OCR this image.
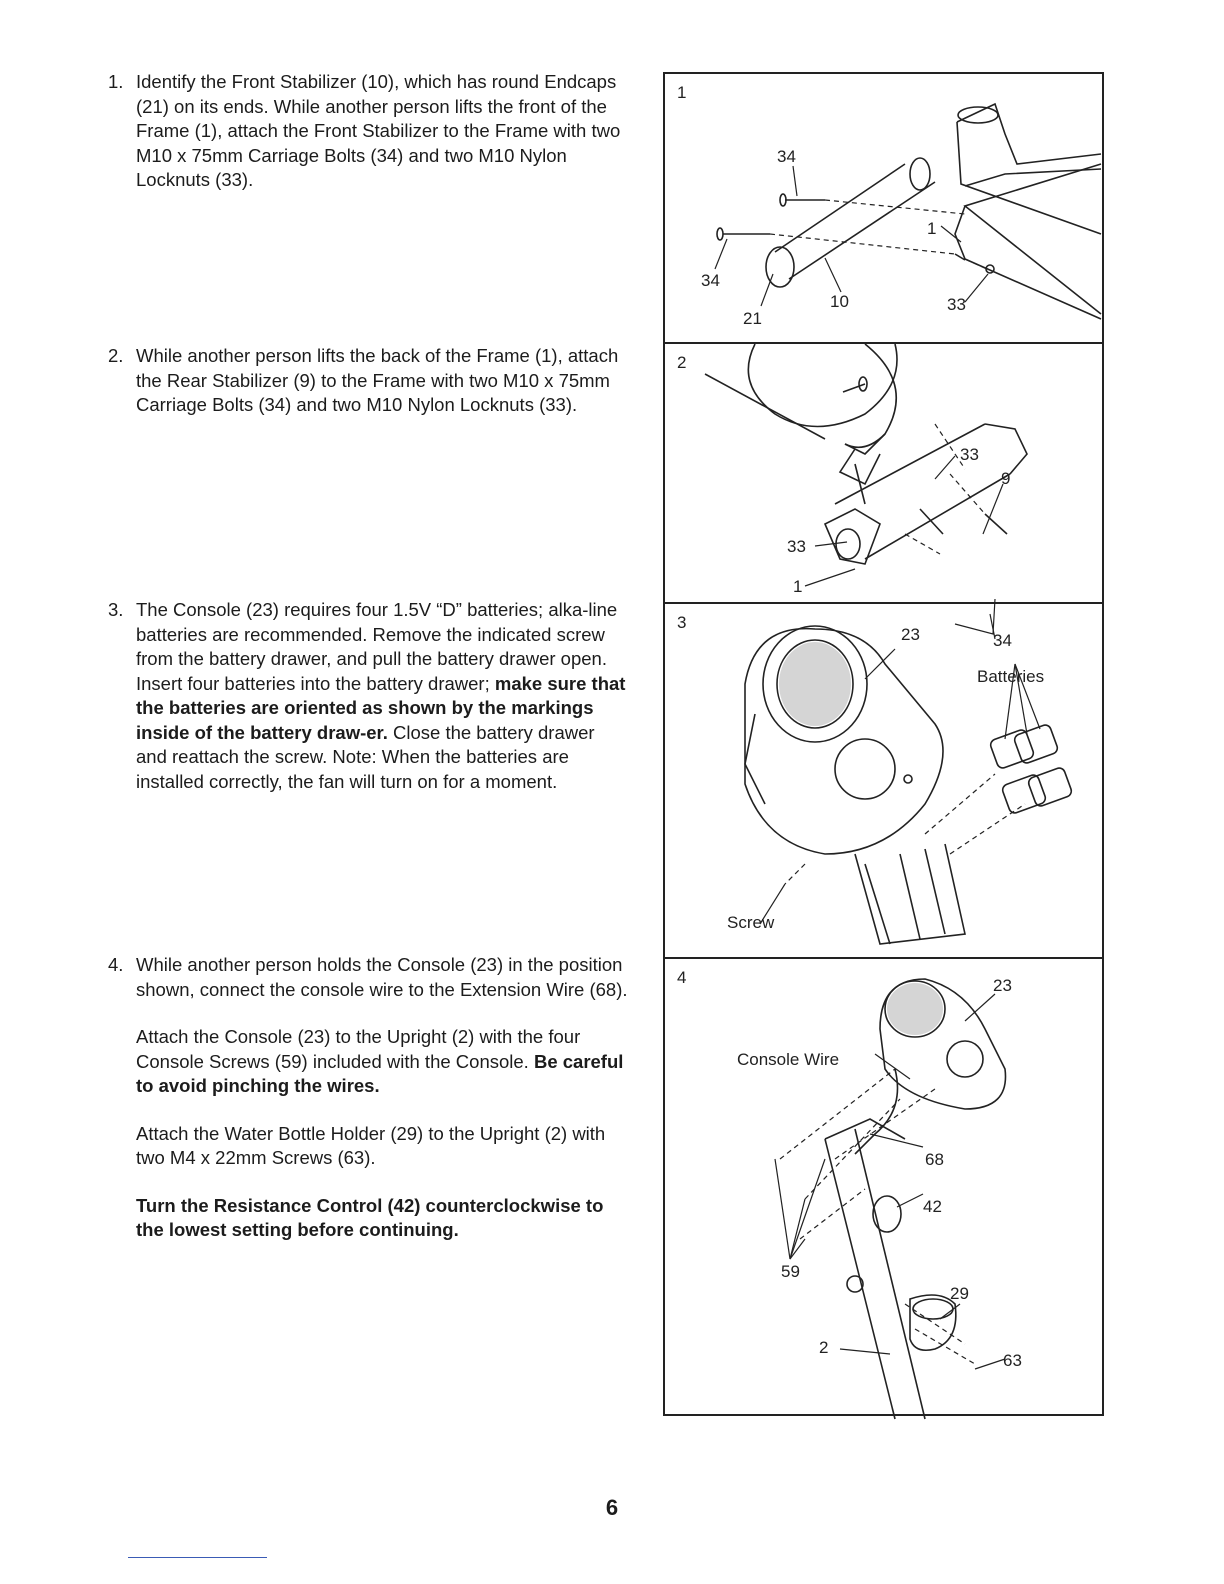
1. Identify the Front Stabilizer (10), which has round Endcaps (21) on its ends. While another person lifts the front of the Frame (1), attach the Front Stabilizer to the Frame with two M10 x 75mm Carriage Bolts (34) and two M10 Nylon Locknuts (33).

2. While another person lifts the back of the Frame (1), attach the Rear Stabilizer (9) to the Frame with two M10 x 75mm Carriage Bolts (34) and two M10 Nylon Locknuts (33).

3. The Console (23) requires four 1.5V “D” batteries; alka-line batteries are recommended. Remove the indicated screw from the battery drawer, and pull the battery drawer open. Insert four batteries into the battery drawer; make sure that the batteries are oriented as shown by the markings inside of the battery draw-er. Close the battery drawer and reattach the screw. Note: When the batteries are installed correctly, the fan will turn on for a moment.

4. While another person holds the Console (23) in the position shown, connect the console wire to the Extension Wire (68).

Attach the Console (23) to the Upright (2) with the four Console Screws (59) included with the Console. Be careful to avoid pinching the wires.

Attach the Water Bottle Holder (29) to the Upright (2) with two M4 x 22mm Screws (63).

Turn the Resistance Control (42) counterclockwise to the lowest setting before continuing.

1
34
34
1
21
10	33
2
33
9
33
1
34
3
23
Batteries
Screw
4	23
Console Wire
68
42
59
29
2
63
6
